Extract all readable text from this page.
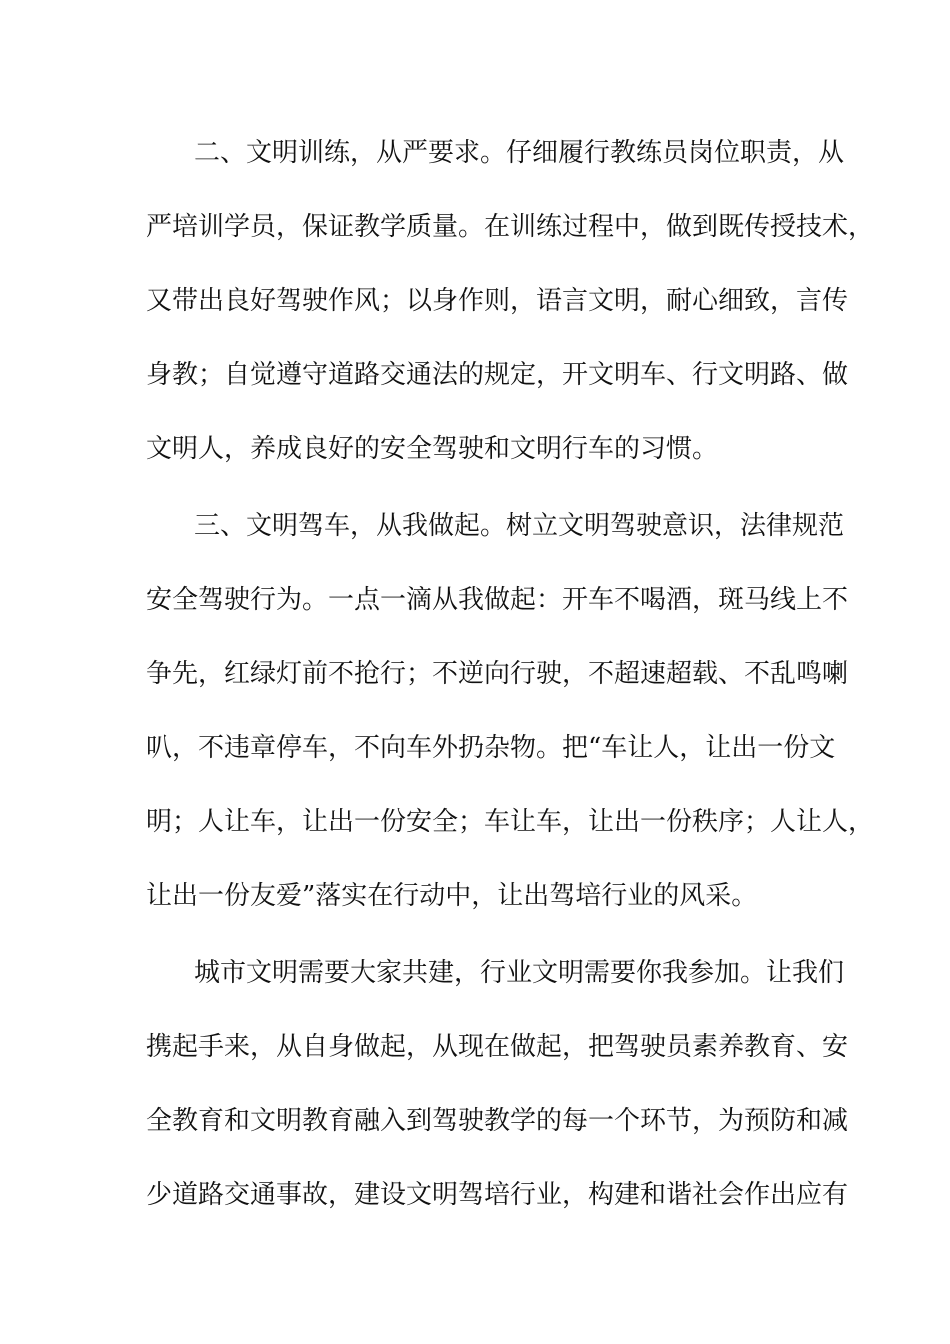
二、文明训练，从严要求。仔细履行教练员岗位职责，从
严培训学员，保证教学质量。在训练过程中，做到既传授技术，
又带出良好驾驶作风；以身作则，语言文明，耐心细致，言传
身教；自觉遵守道路交通法的规定，开文明车、行文明路、做
文明人，养成良好的安全驾驶和文明行车的习惯。
三、文明驾车，从我做起。树立文明驾驶意识，法律规范
安全驾驶行为。一点一滴从我做起：开车不喝酒，斑马线上不
争先，红绿灯前不抢行；不逆向行驶，不超速超载、不乱鸣喇
叭，不违章停车，不向车外扔杂物。把“车让人，让出一份文
明；人让车，让出一份安全；车让车，让出一份秩序；人让人，
让出一份友爱”落实在行动中，让出驾培行业的风采。
城市文明需要大家共建，行业文明需要你我参加。让我们
携起手来，从自身做起，从现在做起，把驾驶员素养教育、安
全教育和文明教育融入到驾驶教学的每一个环节，为预防和减
少道路交通事故，建设文明驾培行业，构建和谐社会作出应有
